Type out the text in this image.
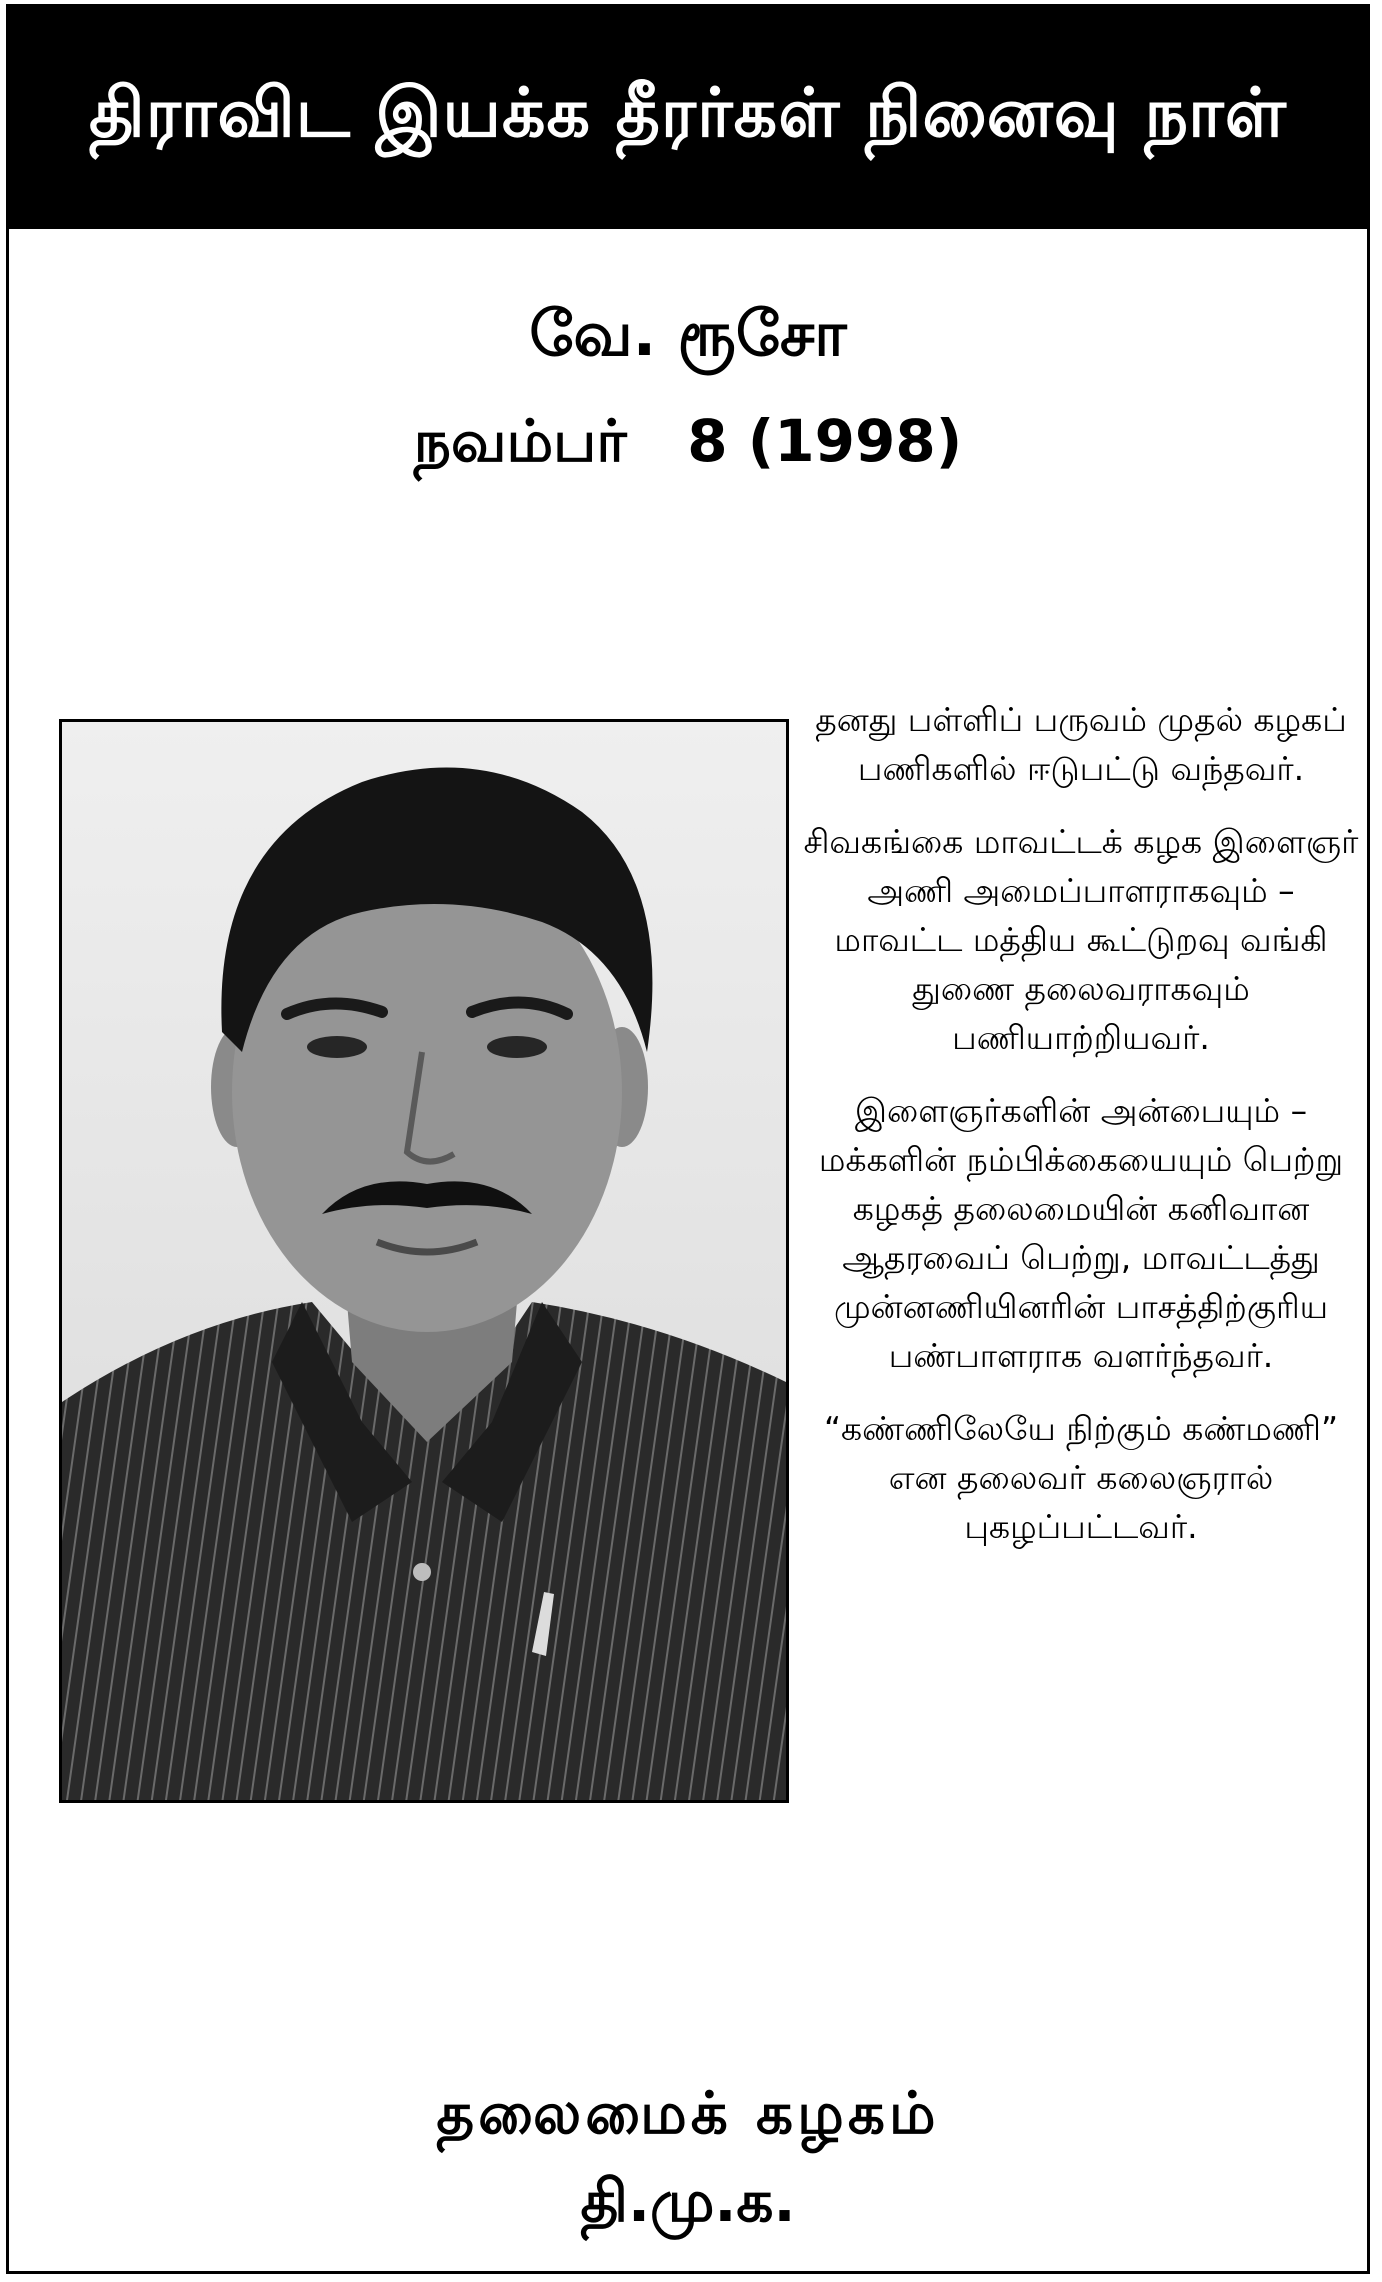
திராவிட இயக்க தீரர்கள் நினைவு நாள்
வே. ரூசோ
நவம்பர்   8 (1998)

தனது பள்ளிப் பருவம் முதல் கழகப் பணிகளில் ஈடுபட்டு வந்தவர்.

சிவகங்கை மாவட்டக் கழக இளைஞர் அணி அமைப்பாளராகவும் – மாவட்ட மத்திய கூட்டுறவு வங்கி துணை தலைவராகவும் பணியாற்றியவர்.

இளைஞர்களின் அன்பையும் – மக்களின் நம்பிக்கையையும் பெற்று கழகத் தலைமையின் கனிவான ஆதரவைப் பெற்று, மாவட்டத்து முன்னணியினரின் பாசத்திற்குரிய பண்பாளராக வளர்ந்தவர்.

“கண்ணிலேயே நிற்கும் கண்மணி” என தலைவர் கலைஞரால் புகழப்பட்டவர்.

தலைமைக் கழகம்
தி.மு.க.
